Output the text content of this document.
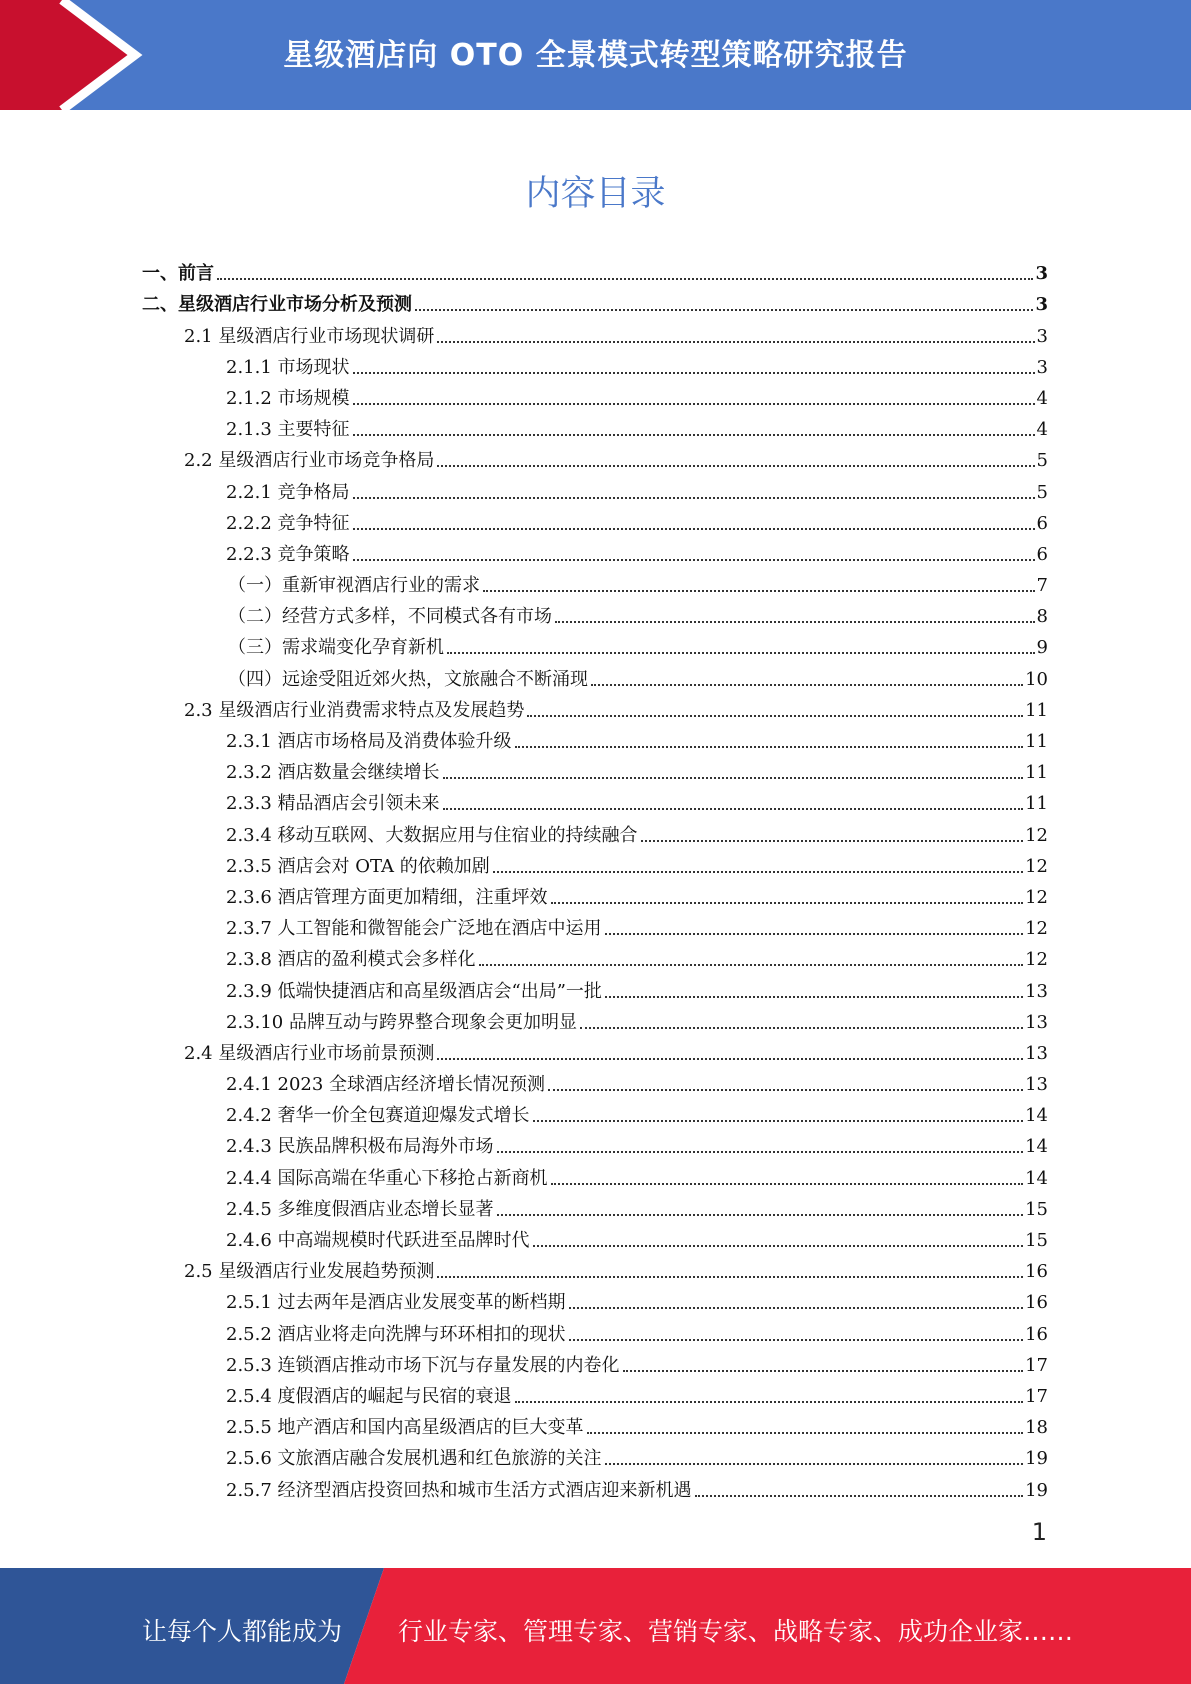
星级酒店向 OTO 全景模式转型策略研究报告
内容目录
一、前言	3
二、星级酒店行业市场分析及预测	3
2.1 星级酒店行业市场现状调研	3
2.1.1 市场现状	3
2.1.2 市场规模	4
2.1.3 主要特征	4
2.2 星级酒店行业市场竞争格局	5
2.2.1 竞争格局	5
2.2.2 竞争特征	6
2.2.3 竞争策略	6
（一）重新审视酒店行业的需求	7
（二）经营方式多样，不同模式各有市场	8
（三）需求端变化孕育新机	9
（四）远途受阻近郊火热，文旅融合不断涌现	10
2.3 星级酒店行业消费需求特点及发展趋势	11
2.3.1 酒店市场格局及消费体验升级	11
2.3.2 酒店数量会继续增长	11
2.3.3 精品酒店会引领未来	11
2.3.4 移动互联网、大数据应用与住宿业的持续融合	12
2.3.5 酒店会对 OTA 的依赖加剧	12
2.3.6 酒店管理方面更加精细，注重坪效	12
2.3.7 人工智能和微智能会广泛地在酒店中运用	12
2.3.8 酒店的盈利模式会多样化	12
2.3.9 低端快捷酒店和高星级酒店会“出局”一批	13
2.3.10 品牌互动与跨界整合现象会更加明显	13
2.4 星级酒店行业市场前景预测	13
2.4.1 2023 全球酒店经济增长情况预测	13
2.4.2 奢华一价全包赛道迎爆发式增长	14
2.4.3 民族品牌积极布局海外市场	14
2.4.4 国际高端在华重心下移抢占新商机	14
2.4.5 多维度假酒店业态增长显著	15
2.4.6 中高端规模时代跃进至品牌时代	15
2.5 星级酒店行业发展趋势预测	16
2.5.1 过去两年是酒店业发展变革的断档期	16
2.5.2 酒店业将走向洗牌与环环相扣的现状	16
2.5.3 连锁酒店推动市场下沉与存量发展的内卷化	17
2.5.4 度假酒店的崛起与民宿的衰退	17
2.5.5 地产酒店和国内高星级酒店的巨大变革	18
2.5.6 文旅酒店融合发展机遇和红色旅游的关注	19
2.5.7 经济型酒店投资回热和城市生活方式酒店迎来新机遇	19
1
让每个人都能成为 行业专家、管理专家、营销专家、战略专家、成功企业家……
